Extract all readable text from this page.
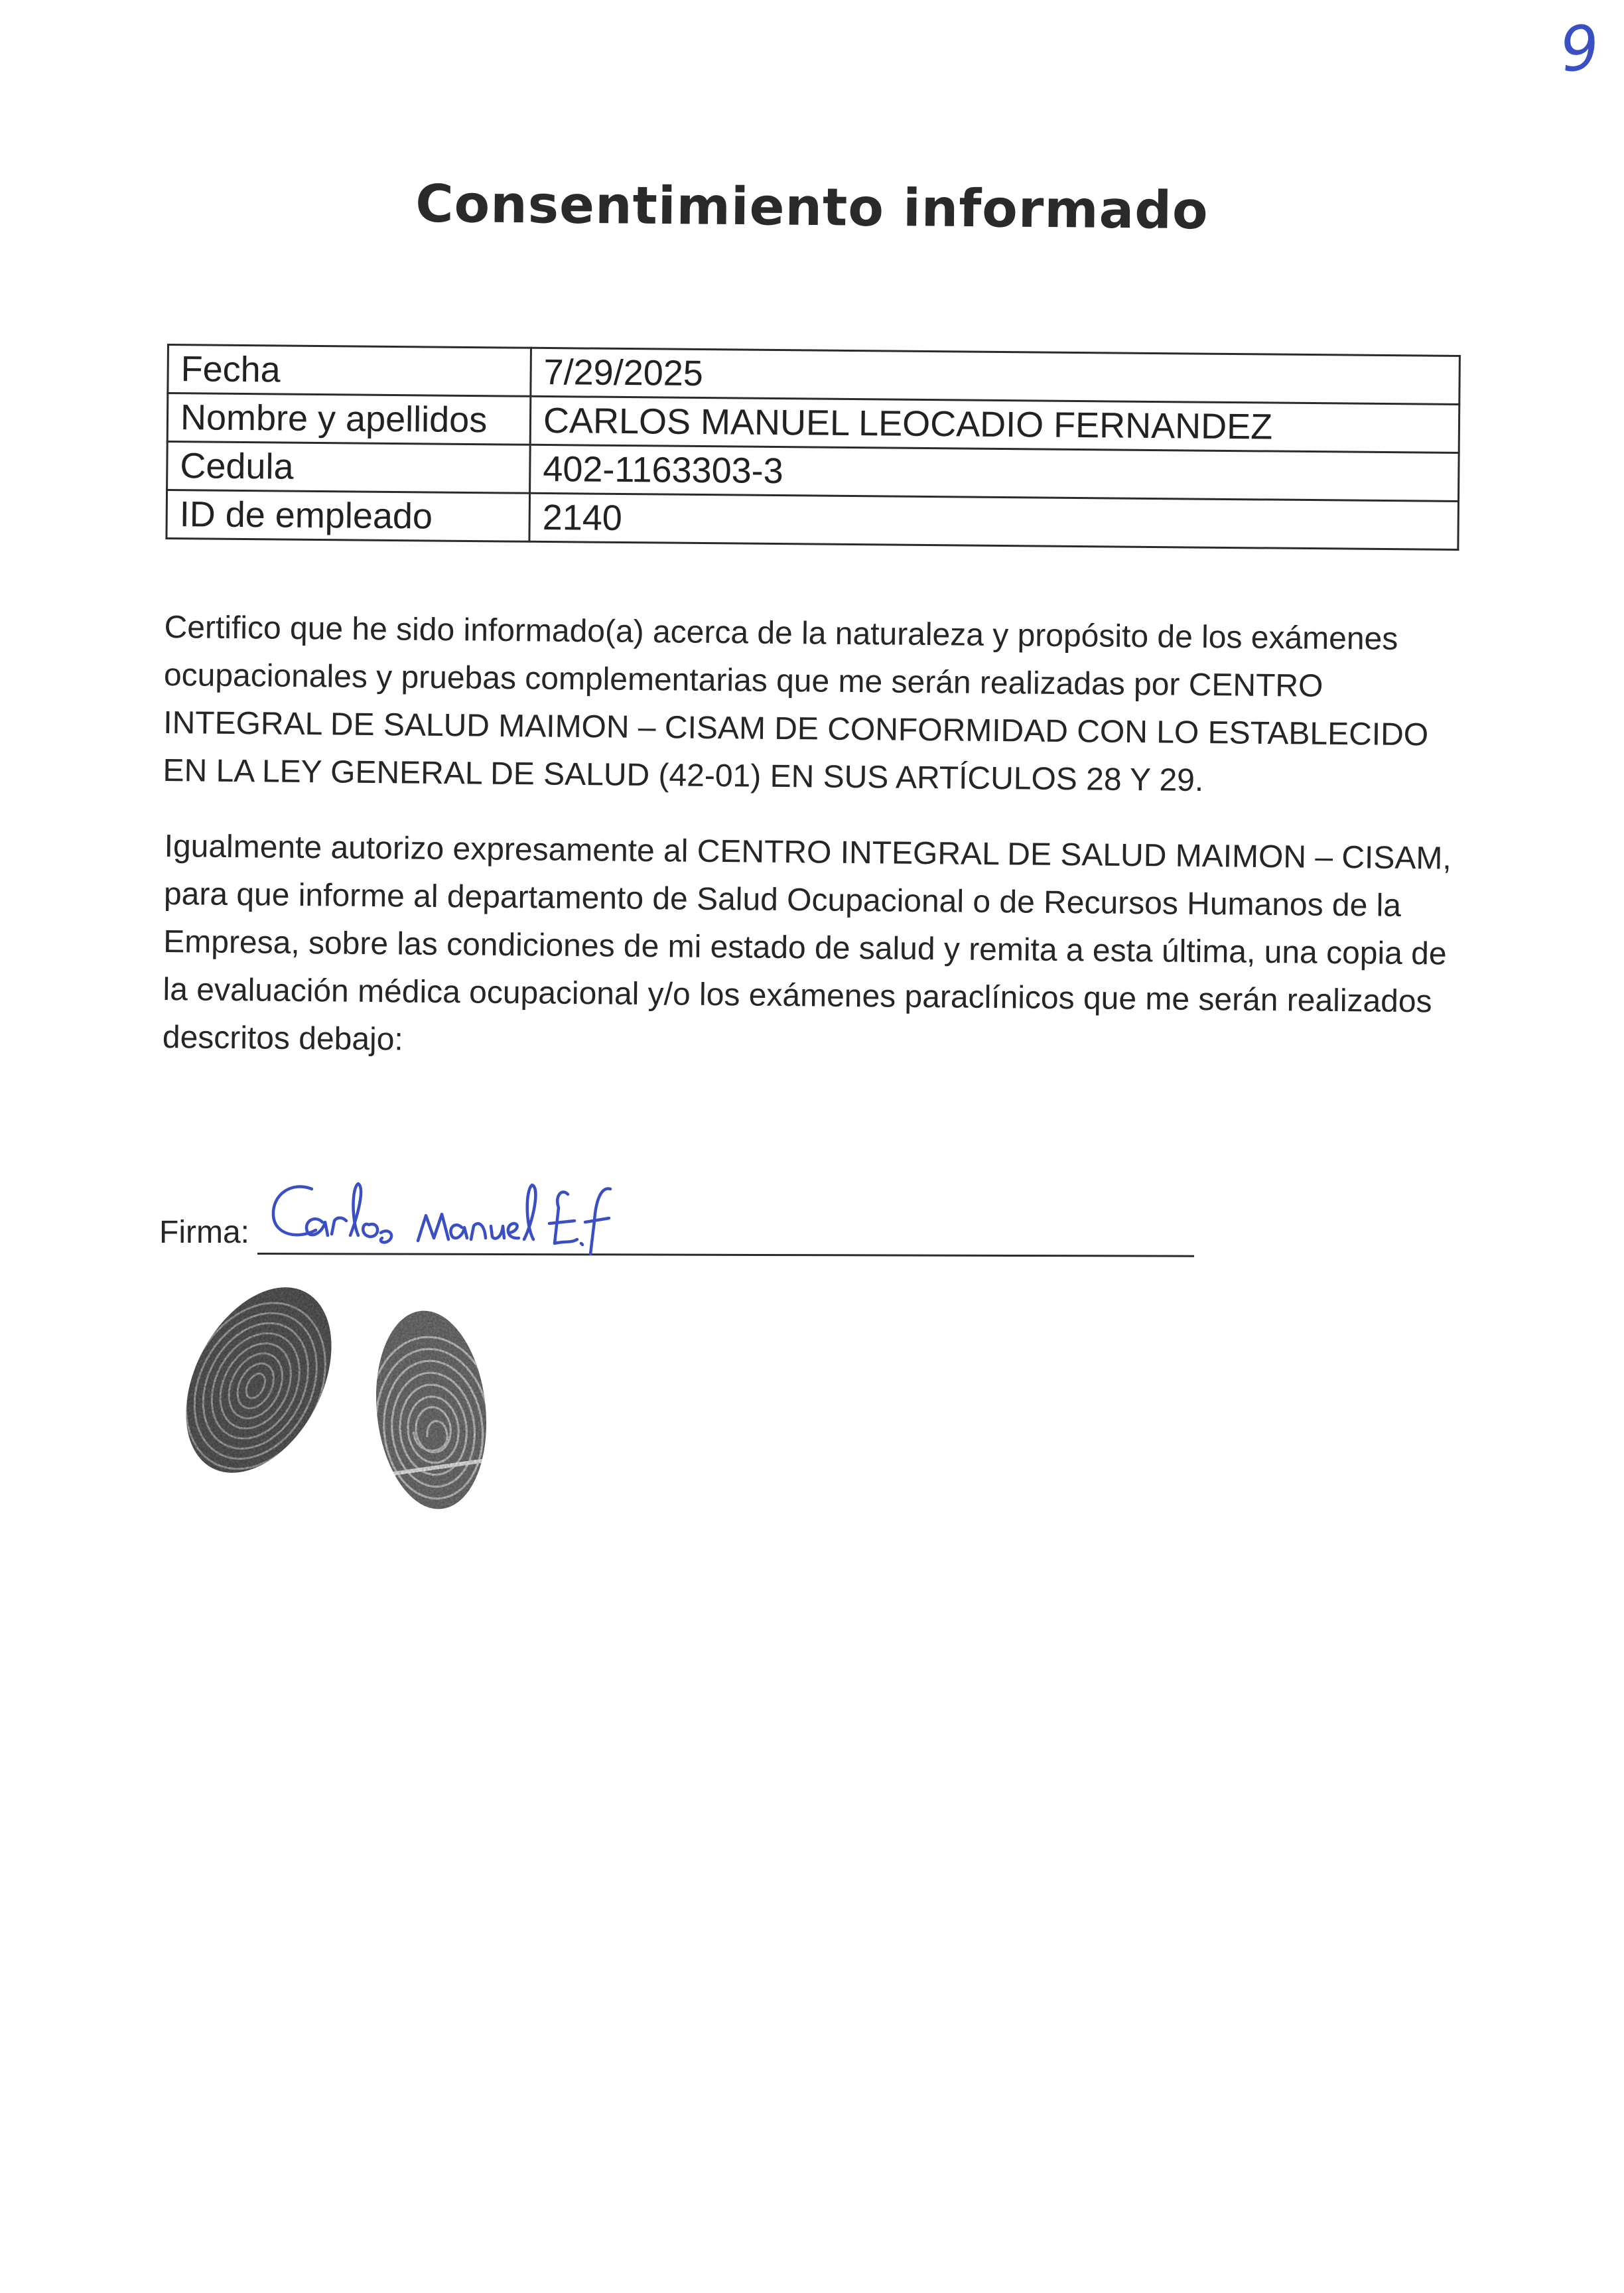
9
Consentimiento informado
Fecha	7/29/2025
Nombre y apellidos	CARLOS MANUEL LEOCADIO FERNANDEZ
Cedula	402-1163303-3
ID de empleado	2140

Certifico que he sido informado(a) acerca de la naturaleza y propósito de los exámenes ocupacionales y pruebas complementarias que me serán realizadas por CENTRO INTEGRAL DE SALUD MAIMON – CISAM DE CONFORMIDAD CON LO ESTABLECIDO EN LA LEY GENERAL DE SALUD (42-01) EN SUS ARTÍCULOS 28 Y 29.

Igualmente autorizo expresamente al CENTRO INTEGRAL DE SALUD MAIMON – CISAM, para que informe al departamento de Salud Ocupacional o de Recursos Humanos de la Empresa, sobre las condiciones de mi estado de salud y remita a esta última, una copia de la evaluación médica ocupacional y/o los exámenes paraclínicos que me serán realizados descritos debajo:

Firma:
